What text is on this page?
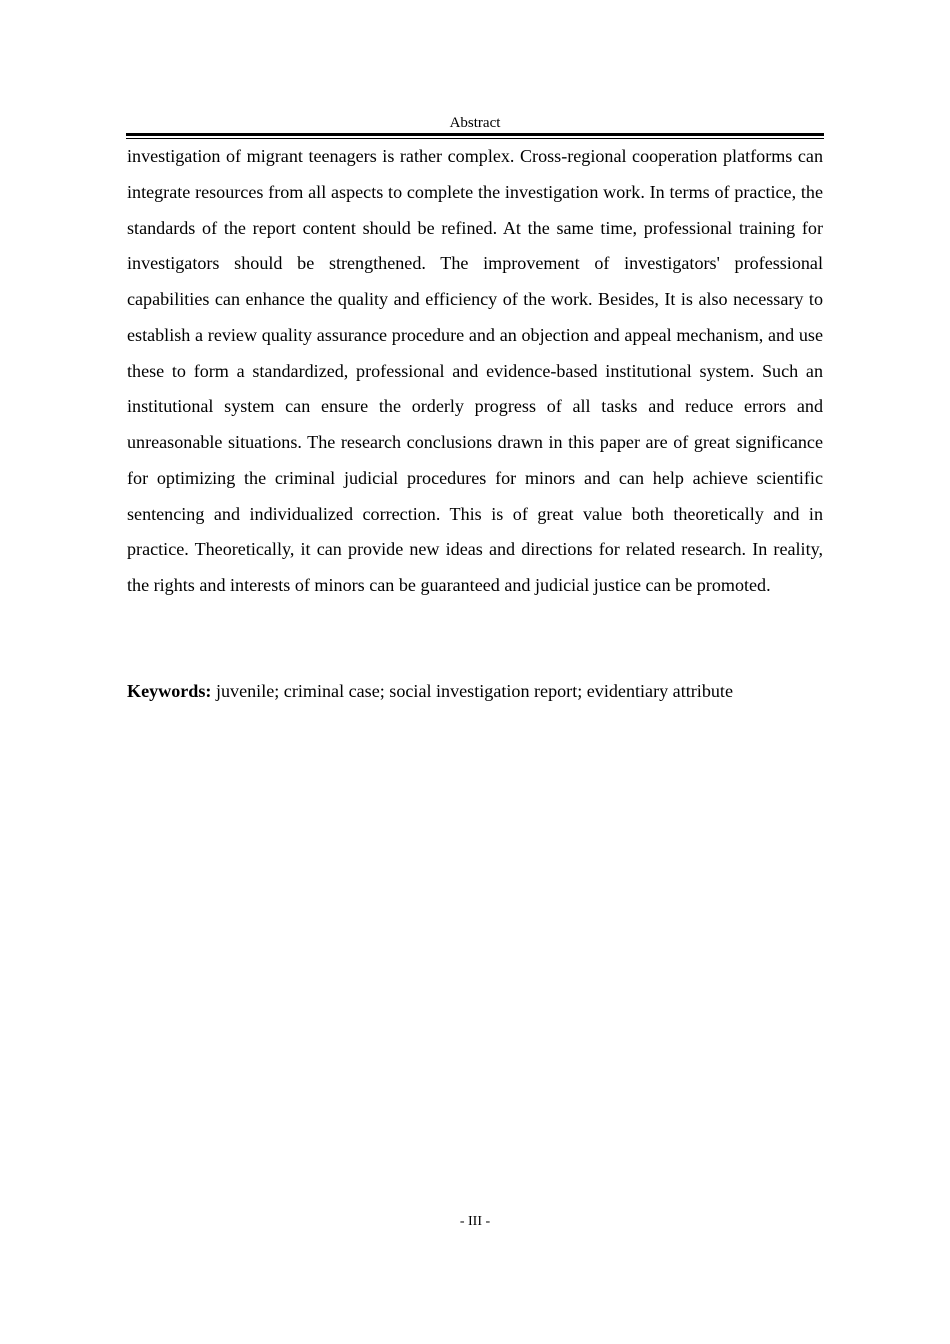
Abstract

investigation of migrant teenagers is rather complex. Cross-regional cooperation platforms can integrate resources from all aspects to complete the investigation work. In terms of practice, the standards of the report content should be refined. At the same time, professional training for investigators should be strengthened. The improvement of investigators' professional capabilities can enhance the quality and efficiency of the work. Besides, It is also necessary to establish a review quality assurance procedure and an objection and appeal mechanism, and use these to form a standardized, professional and evidence-based institutional system. Such an institutional system can ensure the orderly progress of all tasks and reduce errors and unreasonable situations. The research conclusions drawn in this paper are of great significance for optimizing the criminal judicial procedures for minors and can help achieve scientific sentencing and individualized correction. This is of great value both theoretically and in practice. Theoretically, it can provide new ideas and directions for related research. In reality, the rights and interests of minors can be guaranteed and judicial justice can be promoted.

Keywords: juvenile; criminal case; social investigation report; evidentiary attribute

- III -
